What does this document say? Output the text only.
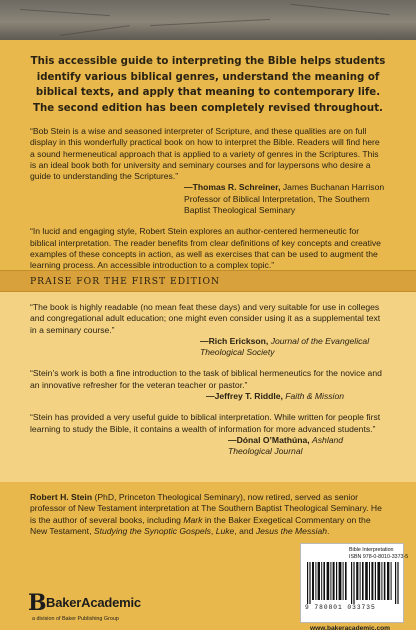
This accessible guide to interpreting the Bible helps students identify various biblical genres, understand the meaning of biblical texts, and apply that meaning to contemporary life. The second edition has been completely revised throughout.

“Bob Stein is a wise and seasoned interpreter of Scripture, and these qualities are on full display in this wonderfully practical book on how to interpret the Bible. Readers will find here a sound hermeneutical approach that is applied to a variety of genres in the Scriptures. This is an ideal book both for university and seminary courses and for laypersons who desire a guide to understanding the Scriptures.”

—Thomas R. Schreiner, James Buchanan Harrison Professor of Biblical Interpretation, The Southern Baptist Theological Seminary

“In lucid and engaging style, Robert Stein explores an author-centered hermeneutic for biblical interpretation. The reader benefits from clear definitions of key concepts and creative examples of these concepts in action, as well as exercises that can be used to augment the learning process. An accessible introduction to a complex topic.”

PRAISE FOR THE FIRST EDITION

“The book is highly readable (no mean feat these days) and very suitable for use in colleges and congregational adult education; one might even consider using it as a supplemental text in a seminary course.”

—Rich Erickson, Journal of the Evangelical Theological Society

“Stein’s work is both a fine introduction to the task of biblical hermeneutics for the novice and an innovative refresher for the veteran teacher or pastor.”

—Jeffrey T. Riddle, Faith & Mission

“Stein has provided a very useful guide to biblical interpretation. While written for people first learning to study the Bible, it contains a wealth of information for more advanced students.”

—Dónal O’Mathúna, Ashland Theological Journal

Robert H. Stein (PhD, Princeton Theological Seminary), now retired, served as senior professor of New Testament interpretation at The Southern Baptist Theological Seminary. He is the author of several books, including Mark in the Baker Exegetical Commentary on the New Testament, Studying the Synoptic Gospels, Luke, and Jesus the Messiah.

B BakerAcademic
a division of Baker Publishing Group
Bible Interpretation
ISBN 978-0-8010-3373-5
9 780801 033735
www.bakeracademic.com
